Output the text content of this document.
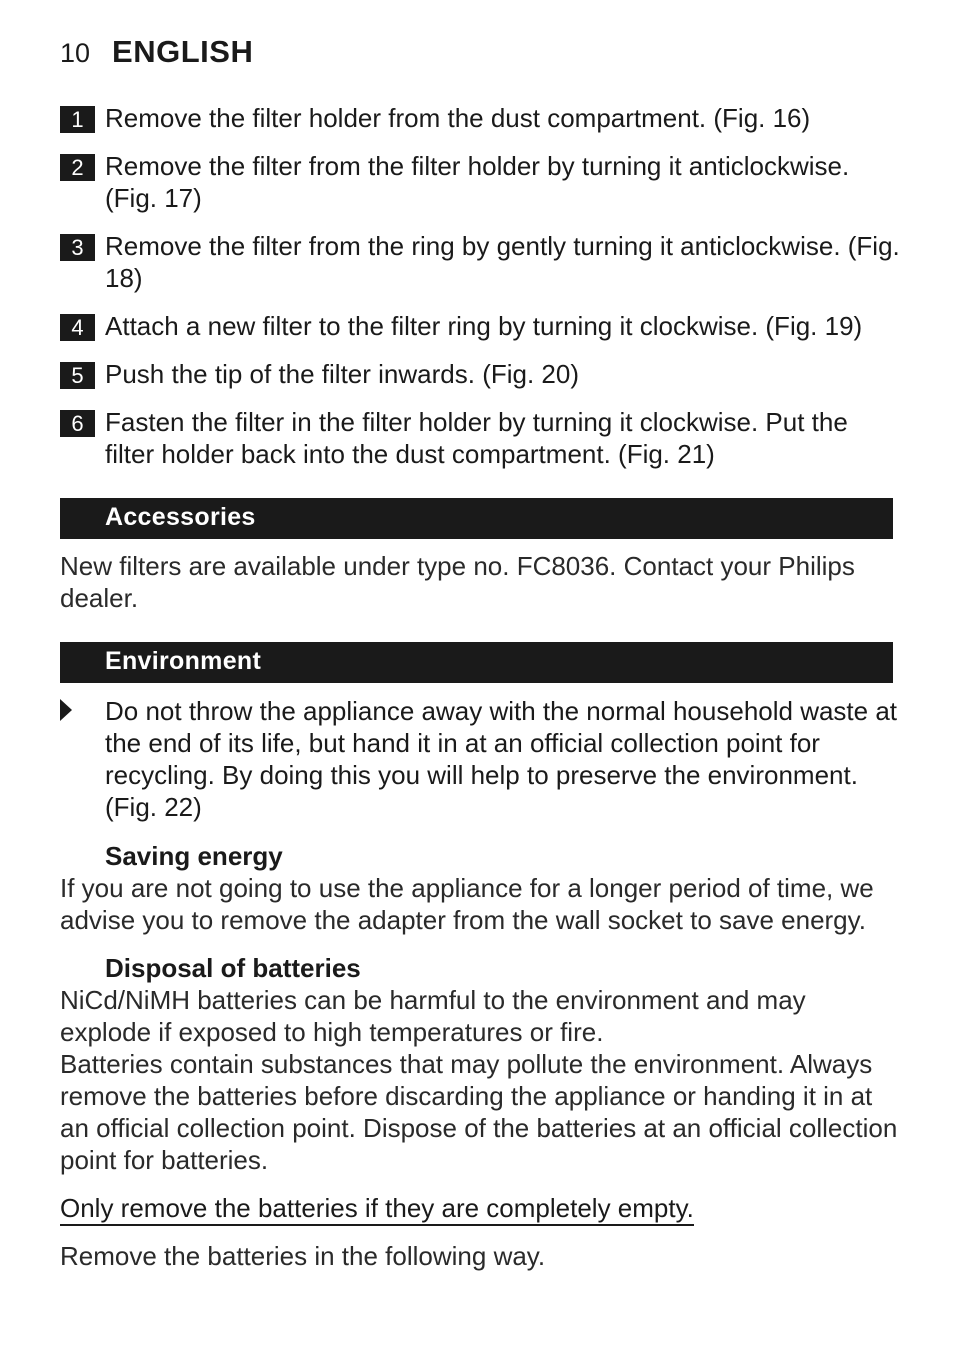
10 ENGLISH
1 Remove the filter holder from the dust compartment. (Fig. 16)
2 Remove the filter from the filter holder by turning it anticlockwise. (Fig. 17)
3 Remove the filter from the ring by gently turning it anticlockwise. (Fig. 18)
4 Attach a new filter to the filter ring by turning it clockwise. (Fig. 19)
5 Push the tip of the filter inwards. (Fig. 20)
6 Fasten the filter in the filter holder by turning it clockwise. Put the filter holder back into the dust compartment. (Fig. 21)
Accessories
New filters are available under type no. FC8036. Contact your Philips dealer.
Environment
Do not throw the appliance away with the normal household waste at the end of its life, but hand it in at an official collection point for recycling. By doing this you will help to preserve the environment. (Fig. 22)
Saving energy
If you are not going to use the appliance for a longer period of time, we advise you to remove the adapter from the wall socket to save energy.
Disposal of batteries
NiCd/NiMH batteries can be harmful to the environment and may explode if exposed to high temperatures or fire.
Batteries contain substances that may pollute the environment. Always remove the batteries before discarding the appliance or handing it in at an official collection point. Dispose of the batteries at an official collection point for batteries.
Only remove the batteries if they are completely empty.
Remove the batteries in the following way.
